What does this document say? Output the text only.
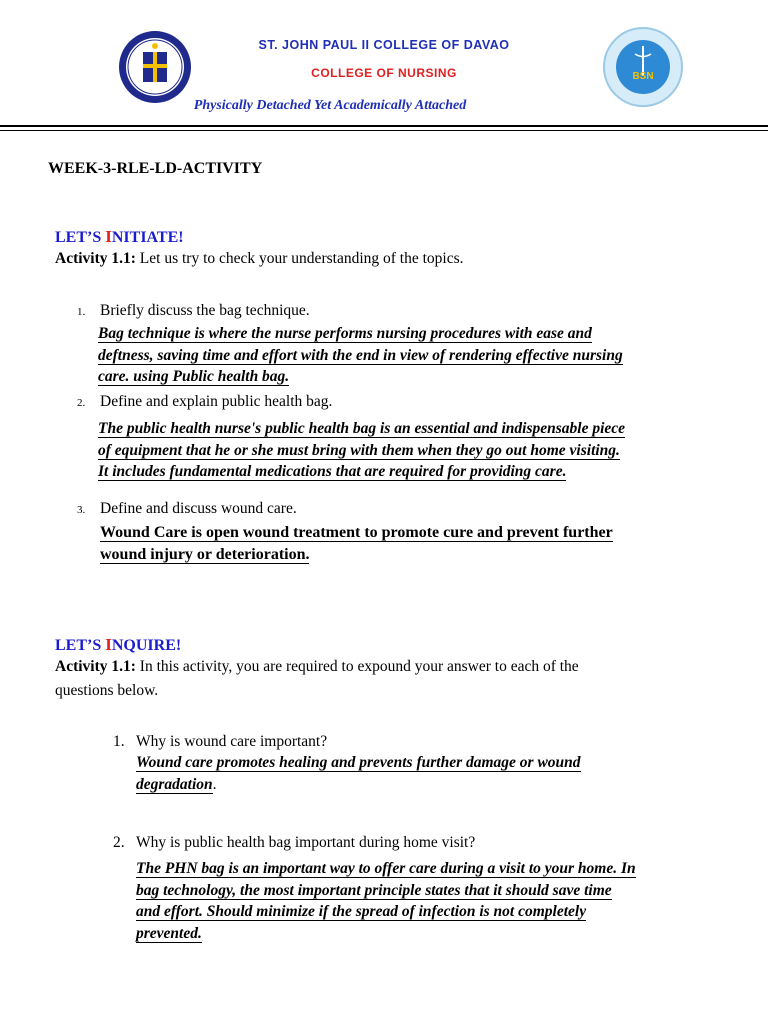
ST. JOHN PAUL II COLLEGE OF DAVAO
COLLEGE OF NURSING
Physically Detached Yet Academically Attached
BSN
WEEK-3-RLE-LD-ACTIVITY
LET’S INITIATE!
Activity 1.1: Let us try to check your understanding of the topics.
1. Briefly discuss the bag technique.
Bag technique is where the nurse performs nursing procedures with ease and
deftness, saving time and effort with the end in view of rendering effective nursing
care. using Public health bag.
2. Define and explain public health bag.
The public health nurse's public health bag is an essential and indispensable piece
of equipment that he or she must bring with them when they go out home visiting.
It includes fundamental medications that are required for providing care.
3. Define and discuss wound care.
Wound Care is open wound treatment to promote cure and prevent further
wound injury or deterioration.
LET’S INQUIRE!
Activity 1.1: In this activity, you are required to expound your answer to each of the
questions below.
1. Why is wound care important?
Wound care promotes healing and prevents further damage or wound
degradation.
2. Why is public health bag important during home visit?
The PHN bag is an important way to offer care during a visit to your home. In
bag technology, the most important principle states that it should save time
and effort. Should minimize if the spread of infection is not completely
prevented.
